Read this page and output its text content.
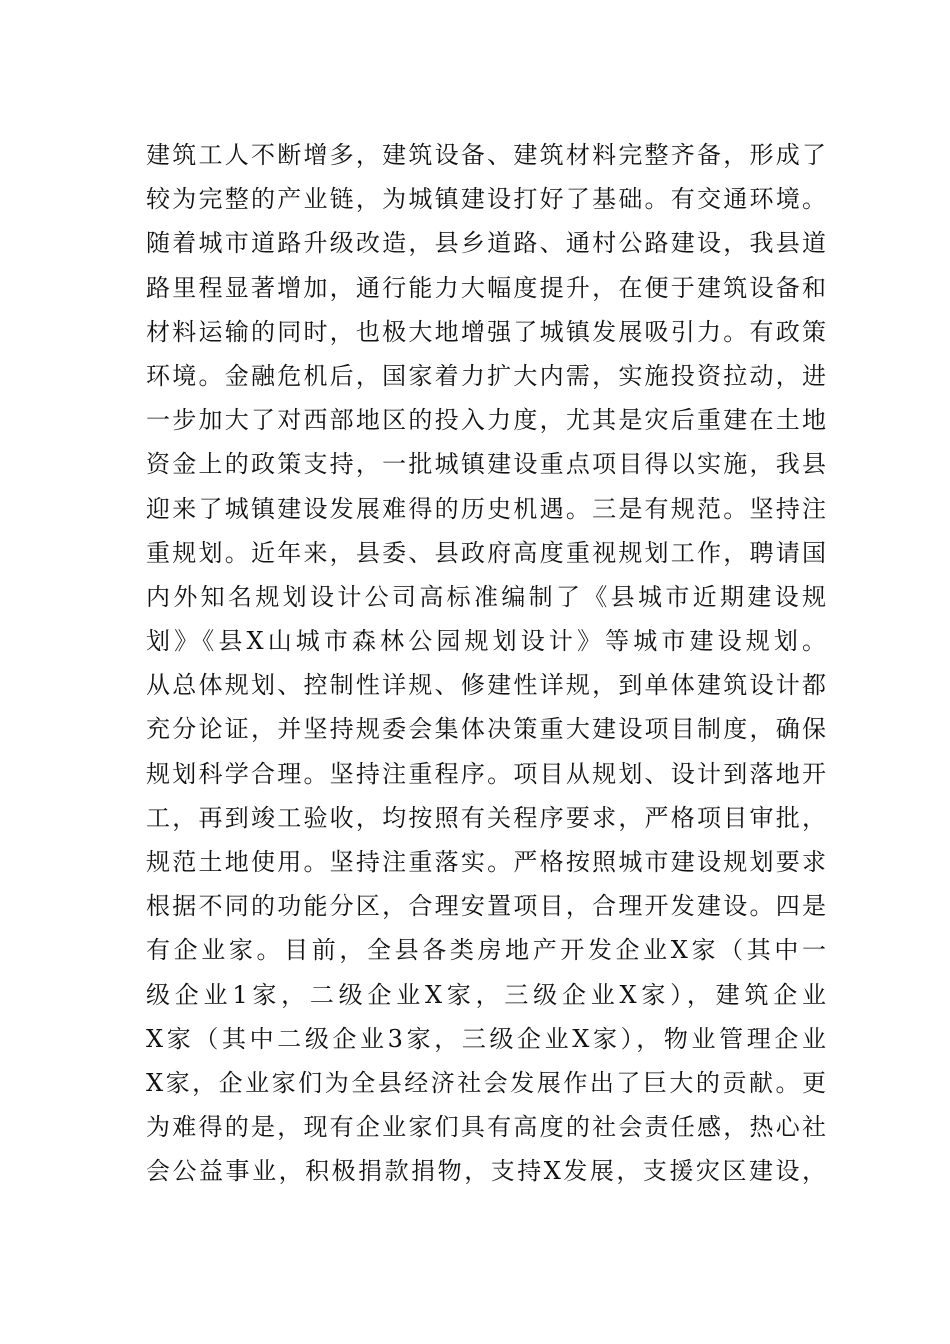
建筑工人不断增多，建筑设备、建筑材料完整齐备，形成了
较为完整的产业链，为城镇建设打好了基础。有交通环境。
随着城市道路升级改造，县乡道路、通村公路建设，我县道
路里程显著增加，通行能力大幅度提升，在便于建筑设备和
材料运输的同时，也极大地增强了城镇发展吸引力。有政策
环境。金融危机后，国家着力扩大内需，实施投资拉动，进
一步加大了对西部地区的投入力度，尤其是灾后重建在土地
资金上的政策支持，一批城镇建设重点项目得以实施，我县
迎来了城镇建设发展难得的历史机遇。三是有规范。坚持注
重规划。近年来，县委、县政府高度重视规划工作，聘请国
内外知名规划设计公司高标准编制了《县城市近期建设规
划》《县X山城市森林公园规划设计》等城市建设规划。
从总体规划、控制性详规、修建性详规，到单体建筑设计都
充分论证，并坚持规委会集体决策重大建设项目制度，确保
规划科学合理。坚持注重程序。项目从规划、设计到落地开
工，再到竣工验收，均按照有关程序要求，严格项目审批，
规范土地使用。坚持注重落实。严格按照城市建设规划要求
根据不同的功能分区，合理安置项目，合理开发建设。四是
有企业家。目前，全县各类房地产开发企业X家（其中一
级企业1家，二级企业X家，三级企业X家），建筑企业
X家（其中二级企业3家，三级企业X家），物业管理企业
X家，企业家们为全县经济社会发展作出了巨大的贡献。更
为难得的是，现有企业家们具有高度的社会责任感，热心社
会公益事业，积极捐款捐物，支持X发展，支援灾区建设，
